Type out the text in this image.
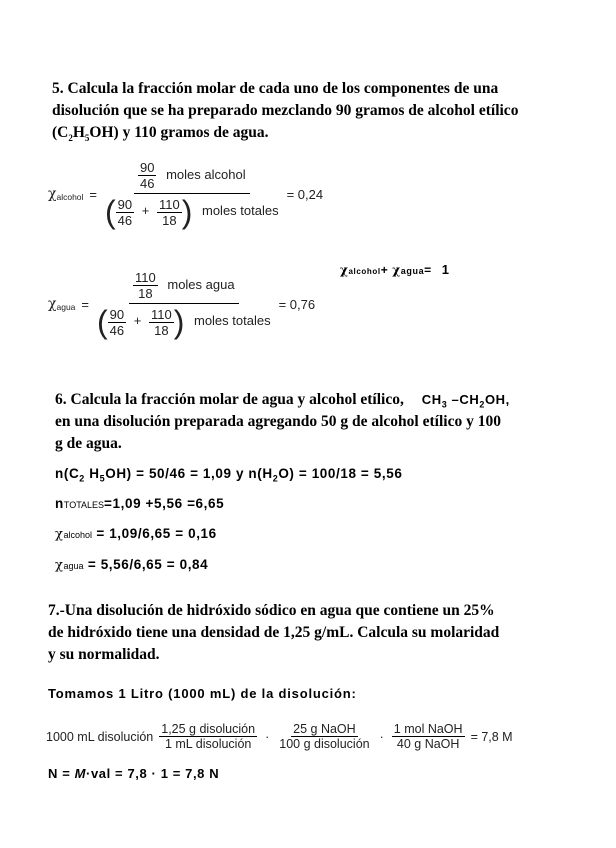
5. Calcula la fracción molar de cada uno de los componentes de una
disolución que se ha preparado mezclando 90 gramos de alcohol etílico
$(C_2H_5OH)$ y 110 gramos de agua.
χ alcohol = $\frac{\frac{90}{46} moles alcohol}{( \frac{90}{46} + \frac{110}{18} ) moles totales} = 0,24$
χalcohol+ χagua= 1
χ agua = $\frac{\frac{110}{18} moles agua}{( \frac{90}{46} + \frac{110}{18} ) moles totales} = 0,76$
6. Calcula la fracción molar de agua y alcohol etílico, $CH_3$ $-CH_2OH$,
en una disolución preparada agregando 50 g de alcohol etílico y 100
g de agua.
$n(C_2$ $H_5OH) = 50/46 = 1,09$ y $n(H_2O) = 100/18 = 5,56$
nTOTALES=1,09 +5,56 =6,65
χalcohol = 1,09/6,65 = 0,16
χagua = 5,56/6,65 = 0,84
7.-Una disolución de hidróxido sódico en agua que contiene un 25%
de hidróxido tiene una densidad de 1,25 g/mL. Calcula su molaridad
y su normalidad.
Tomamos 1 Litro (1000 mL) de la disolución:
1000 mL disolución $\frac{\text{1,25 g disolución}}{\text{1 mL disolución}} \cdot \frac{\text{25 g NaOH}}{\text{100 g disolución}} \cdot \frac{\text{1 mol NaOH}}{\text{40 g NaOH}} = 7,8$ M
N = M·val = 7,8 · 1 = 7,8 N
